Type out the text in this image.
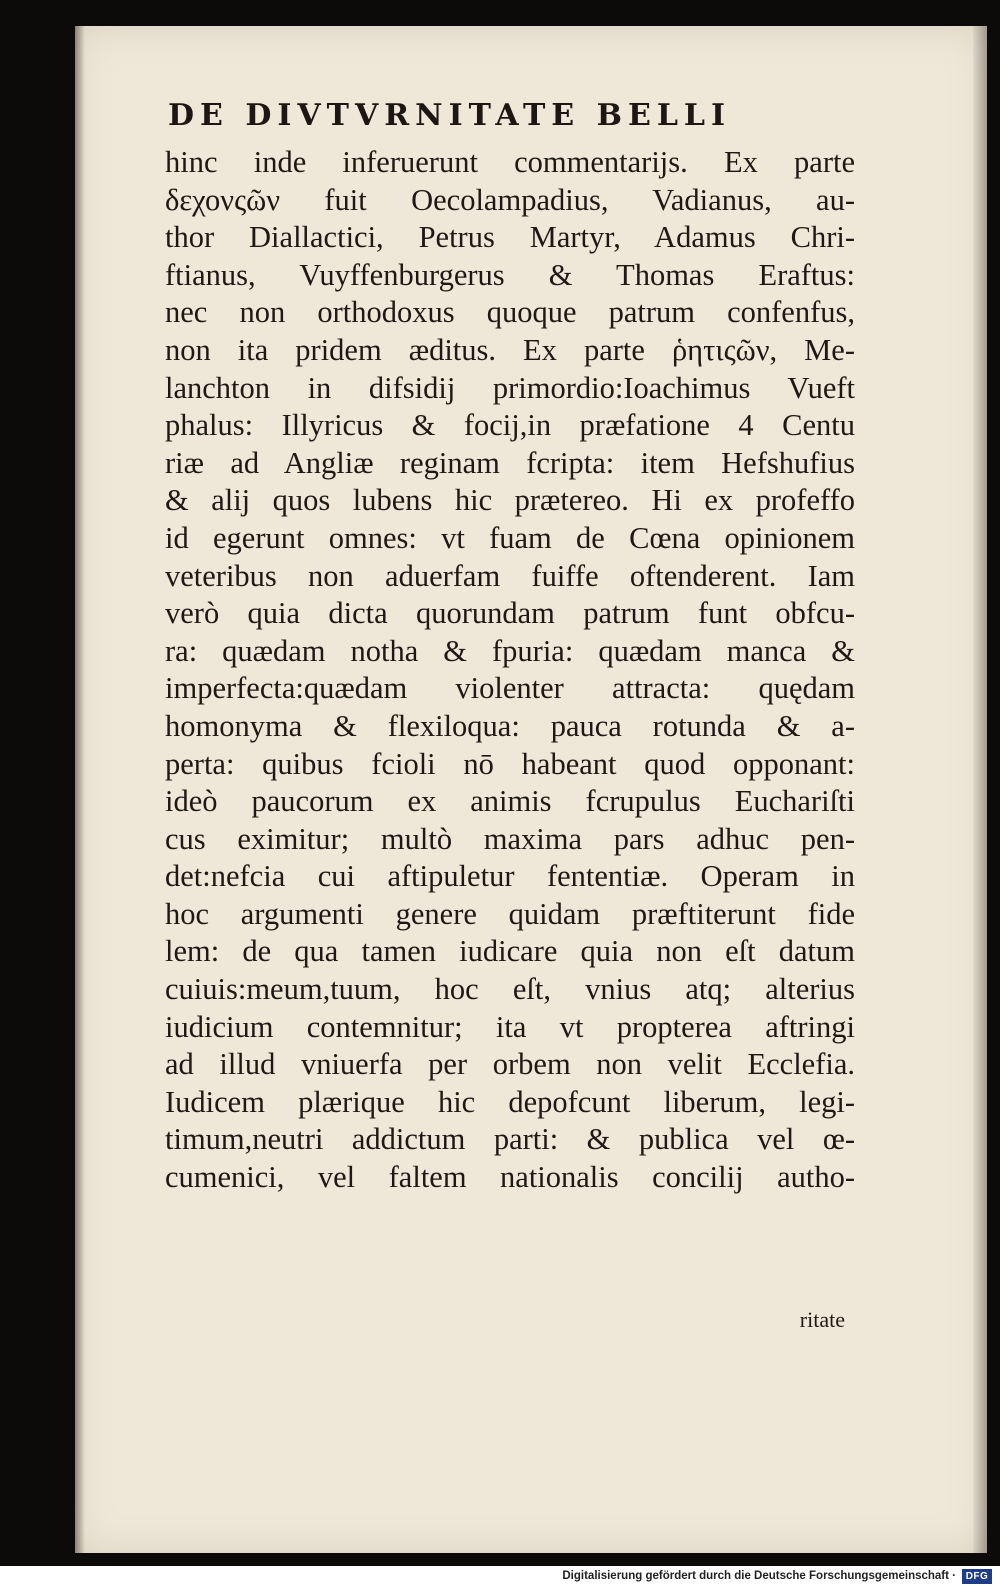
DE DIVTVRNITATE BELLI
hinc inde inferuerunt commentarijs. Ex parte
δεχονςῶν fuit Oecolampadius, Vadianus, au-
thor Diallactici, Petrus Martyr, Adamus Chri-
ftianus, Vuyffenburgerus & Thomas Eraftus:
nec non orthodoxus quoque patrum confenfus,
non ita pridem æditus. Ex parte ῥητιςῶν, Me-
lanchton in difsidij primordio:Ioachimus Vueft
phalus: Illyricus & focij,in præfatione 4 Centu
riæ ad Angliæ reginam fcripta: item Hefshufius
& alij quos lubens hic prætereo. Hi ex profeffo
id egerunt omnes: vt fuam de Cœna opinionem
veteribus non aduerfam fuiffe oftenderent. Iam
verò quia dicta quorundam patrum funt obfcu-
ra: quædam notha & fpuria: quædam manca &
imperfecta:quædam violenter attracta: quędam
homonyma & flexiloqua: pauca rotunda & a-
perta: quibus fcioli nō habeant quod opponant:
ideò paucorum ex animis fcrupulus Euchariſti
cus eximitur; multò maxima pars adhuc pen-
det:nefcia cui aftipuletur fententiæ. Operam in
hoc argumenti genere quidam præftiterunt fide
lem: de qua tamen iudicare quia non eſt datum
cuiuis:meum,tuum, hoc eſt, vnius atq; alterius
iudicium contemnitur; ita vt propterea aftringi
ad illud vniuerfa per orbem non velit Ecclefia.
Iudicem plærique hic depofcunt liberum, legi-
timum,neutri addictum parti: & publica vel œ-
cumenici, vel faltem nationalis concilij autho-
ritate
Digitalisierung gefördert durch die Deutsche Forschungsgemeinschaft · DFG
